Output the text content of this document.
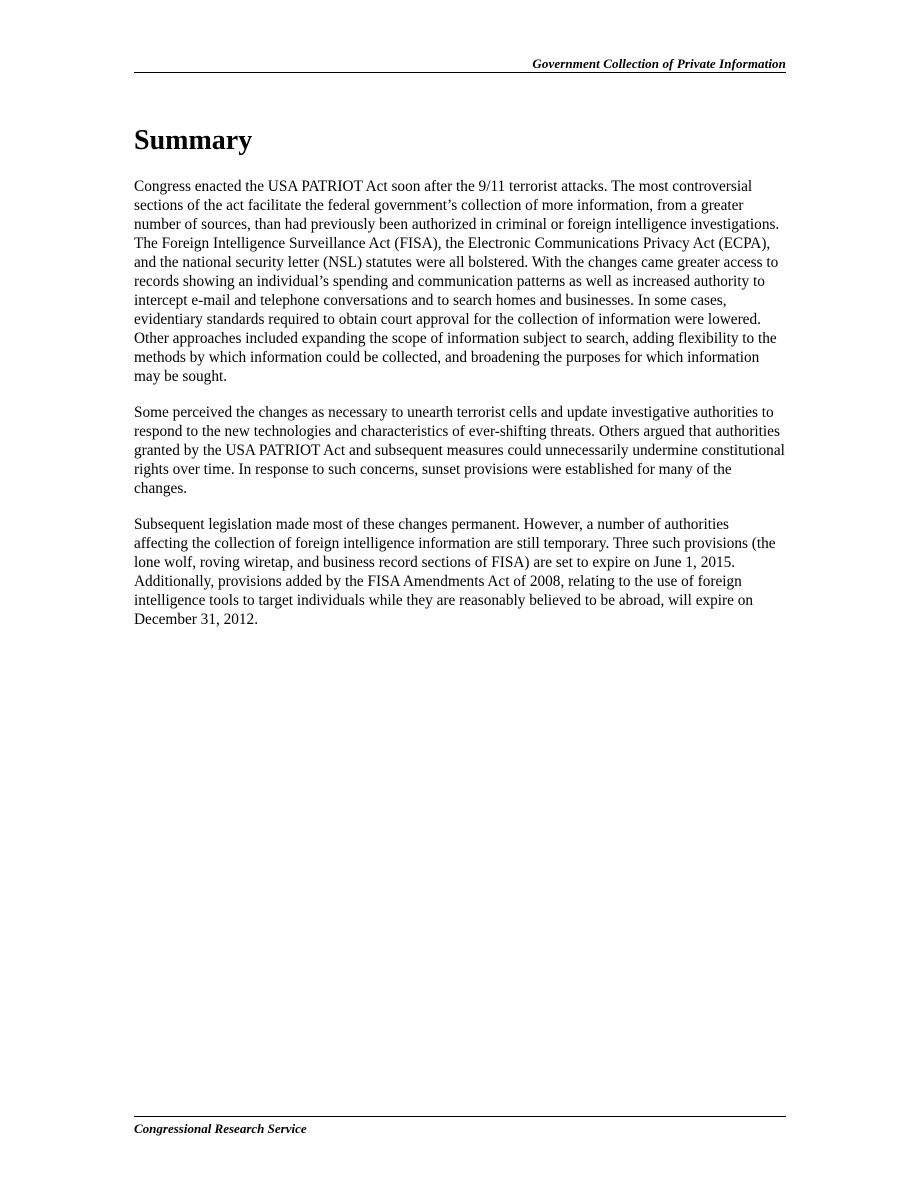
Government Collection of Private Information
Summary

Congress enacted the USA PATRIOT Act soon after the 9/11 terrorist attacks. The most controversial sections of the act facilitate the federal government’s collection of more information, from a greater number of sources, than had previously been authorized in criminal or foreign intelligence investigations. The Foreign Intelligence Surveillance Act (FISA), the Electronic Communications Privacy Act (ECPA), and the national security letter (NSL) statutes were all bolstered. With the changes came greater access to records showing an individual’s spending and communication patterns as well as increased authority to intercept e-mail and telephone conversations and to search homes and businesses. In some cases, evidentiary standards required to obtain court approval for the collection of information were lowered. Other approaches included expanding the scope of information subject to search, adding flexibility to the methods by which information could be collected, and broadening the purposes for which information may be sought.

Some perceived the changes as necessary to unearth terrorist cells and update investigative authorities to respond to the new technologies and characteristics of ever-shifting threats. Others argued that authorities granted by the USA PATRIOT Act and subsequent measures could unnecessarily undermine constitutional rights over time. In response to such concerns, sunset provisions were established for many of the changes.

Subsequent legislation made most of these changes permanent. However, a number of authorities affecting the collection of foreign intelligence information are still temporary. Three such provisions (the lone wolf, roving wiretap, and business record sections of FISA) are set to expire on June 1, 2015. Additionally, provisions added by the FISA Amendments Act of 2008, relating to the use of foreign intelligence tools to target individuals while they are reasonably believed to be abroad, will expire on December 31, 2012.

Congressional Research Service
